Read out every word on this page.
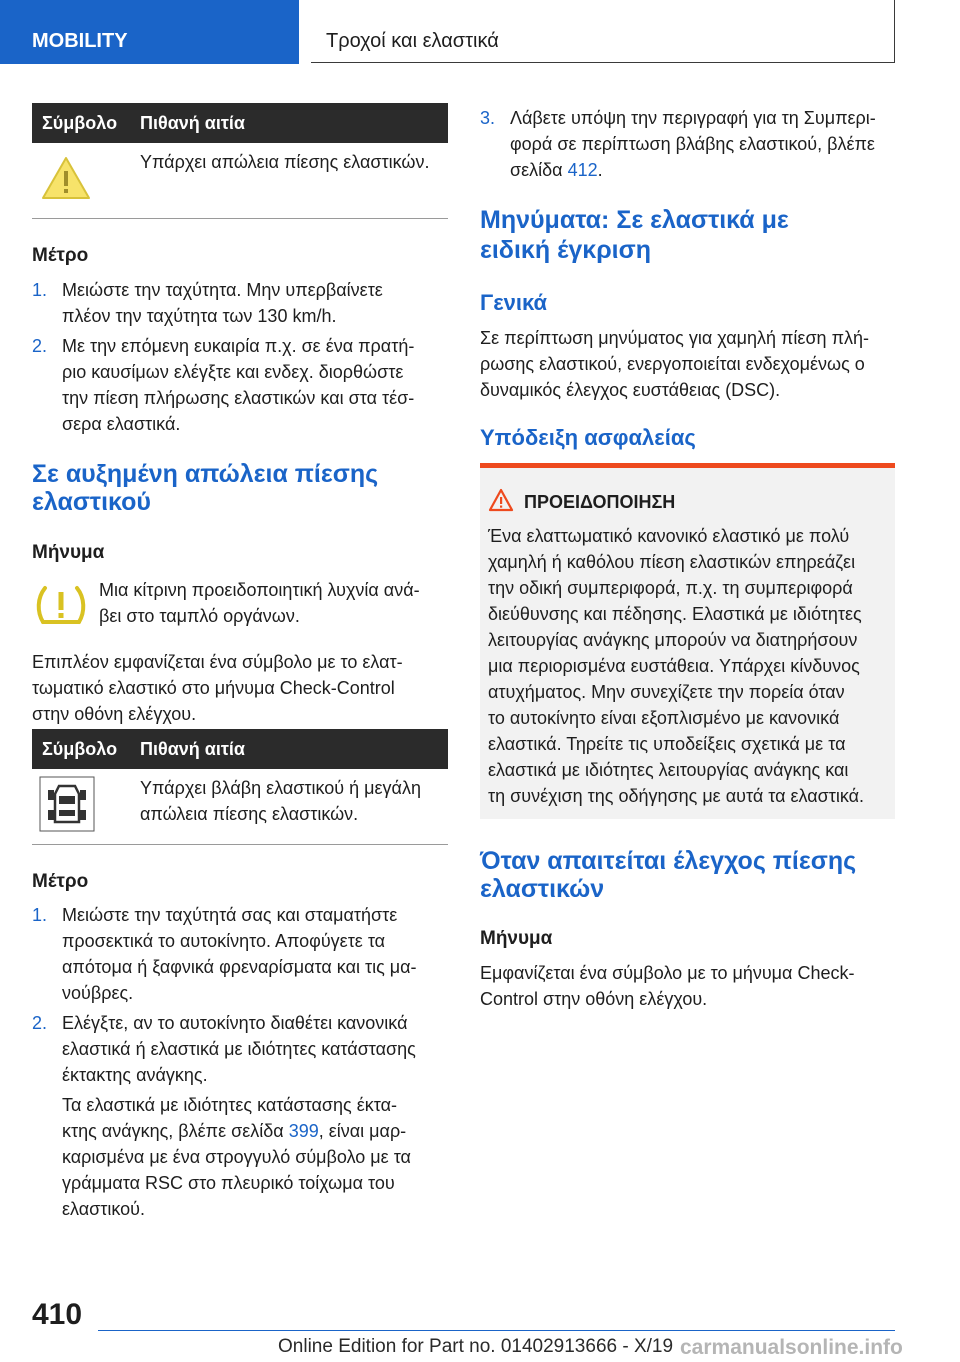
MOBILITY	Τροχοί και ελαστικά
Σύμβολο Πιθανή αιτία
Υπάρχει απώλεια πίεσης ελαστικών.
Μέτρο
1. Μειώστε την ταχύτητα. Μην υπερβαίνετε
πλέον την ταχύτητα των 130 km/h.
2. Με την επόμενη ευκαιρία π.χ. σε ένα πρατή-
ριο καυσίμων ελέγξτε και ενδεχ. διορθώστε
την πίεση πλήρωσης ελαστικών και στα τέσ-
σερα ελαστικά.
Σε αυξημένη απώλεια πίεσης
ελαστικού
Μήνυμα
Μια κίτρινη προειδοποιητική λυχνία ανά-
βει στο ταμπλό οργάνων.
Επιπλέον εμφανίζεται ένα σύμβολο με το ελατ-
τωματικό ελαστικό στο μήνυμα Check-Control
στην οθόνη ελέγχου.
Σύμβολο Πιθανή αιτία
Υπάρχει βλάβη ελαστικού ή μεγάλη
απώλεια πίεσης ελαστικών.
Μέτρο
1. Μειώστε την ταχύτητά σας και σταματήστε
προσεκτικά το αυτοκίνητο. Αποφύγετε τα
απότομα ή ξαφνικά φρεναρίσματα και τις μα-
νούβρες.
2. Ελέγξτε, αν το αυτοκίνητο διαθέτει κανονικά
ελαστικά ή ελαστικά με ιδιότητες κατάστασης
έκτακτης ανάγκης.
Τα ελαστικά με ιδιότητες κατάστασης έκτα-
κτης ανάγκης, βλέπε σελίδα 399, είναι μαρ-
καρισμένα με ένα στρογγυλό σύμβολο με τα
γράμματα RSC στο πλευρικό τοίχωμα του
ελαστικού.
3. Λάβετε υπόψη την περιγραφή για τη Συμπερι-
φορά σε περίπτωση βλάβης ελαστικού, βλέπε
σελίδα 412.
Μηνύματα: Σε ελαστικά με
ειδική έγκριση
Γενικά
Σε περίπτωση μηνύματος για χαμηλή πίεση πλή-
ρωσης ελαστικού, ενεργοποιείται ενδεχομένως ο
δυναμικός έλεγχος ευστάθειας (DSC).
Υπόδειξη ασφαλείας
ΠΡΟΕΙΔΟΠΟΙΗΣΗ
Ένα ελαττωματικό κανονικό ελαστικό με πολύ
χαμηλή ή καθόλου πίεση ελαστικών επηρεάζει
την οδική συμπεριφορά, π.χ. τη συμπεριφορά
διεύθυνσης και πέδησης. Ελαστικά με ιδιότητες
λειτουργίας ανάγκης μπορούν να διατηρήσουν
μια περιορισμένα ευστάθεια. Υπάρχει κίνδυνος
ατυχήματος. Μην συνεχίζετε την πορεία όταν
το αυτοκίνητο είναι εξοπλισμένο με κανονικά
ελαστικά. Τηρείτε τις υποδείξεις σχετικά με τα
ελαστικά με ιδιότητες λειτουργίας ανάγκης και
τη συνέχιση της οδήγησης με αυτά τα ελαστικά.
Όταν απαιτείται έλεγχος πίεσης
ελαστικών
Μήνυμα
Εμφανίζεται ένα σύμβολο με το μήνυμα Check-
Control στην οθόνη ελέγχου.
410
Online Edition for Part no. 01402913666 - X/19 carmanualsonline.info
